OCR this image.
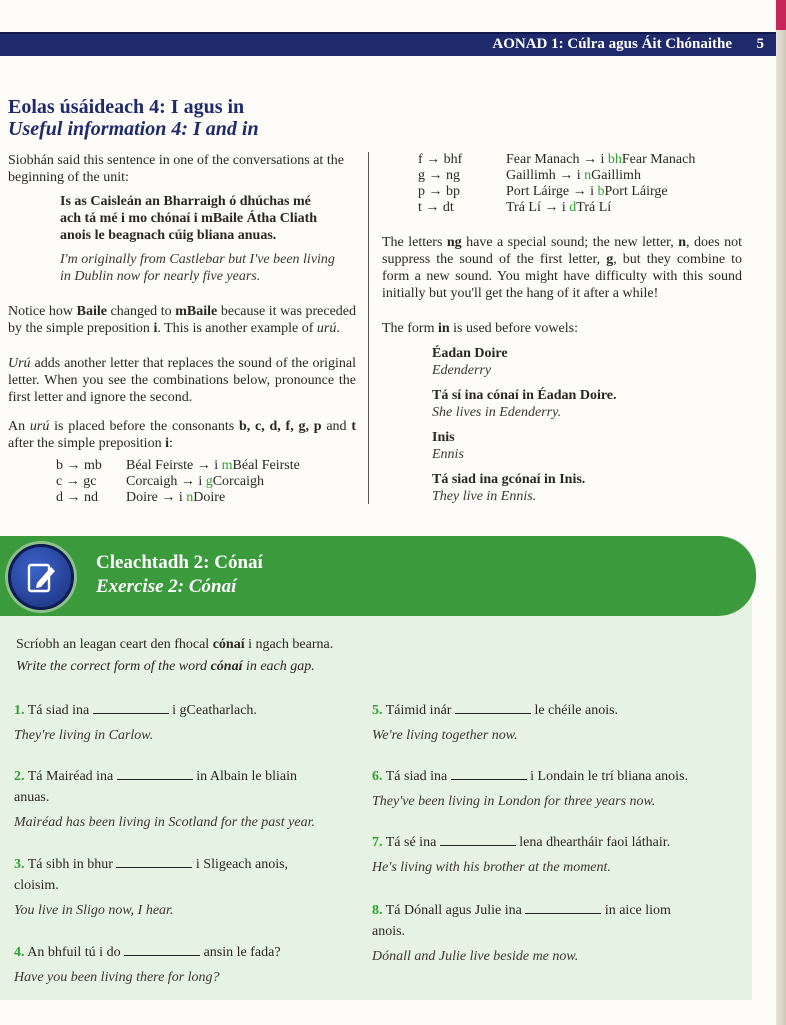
AONAD 1: Cúlra agus Áit Chónaithe 5
Eolas úsáideach 4: I agus in
Useful information 4: I and in

Siobhán said this sentence in one of the conversations at the beginning of the unit:

Is as Caisleán an Bharraigh ó dhúchas mé
ach tá mé i mo chónaí i mBaile Átha Cliath
anois le beagnach cúig bliana anuas.
I'm originally from Castlebar but I've been living
in Dublin now for nearly five years.

Notice how Baile changed to mBaile because it was preceded by the simple preposition i. This is another example of urú.

Urú adds another letter that replaces the sound of the original letter. When you see the combinations below, pronounce the first letter and ignore the second.

An urú is placed before the consonants b, c, d, f, g, p and t after the simple preposition i:

b → mb	Béal Feirste → i mBéal Feirste
c → gc	Corcaigh → i gCorcaigh
d → nd	Doire → i nDoire
f → bhf	Fear Manach → i bhFear Manach
g → ng	Gaillimh → i nGaillimh
p → bp	Port Láirge → i bPort Láirge
t → dt	Trá Lí → i dTrá Lí

The letters ng have a special sound; the new letter, n, does not suppress the sound of the first letter, g, but they combine to form a new sound. You might have difficulty with this sound initially but you'll get the hang of it after a while!

The form in is used before vowels:

Éadan Doire
Edenderry
Tá sí ina cónaí in Éadan Doire.
She lives in Edenderry.
Inis
Ennis
Tá siad ina gcónaí in Inis.
They live in Ennis.
Cleachtadh 2: Cónaí
Exercise 2: Cónaí
Scríobh an leagan ceart den fhocal cónaí i ngach bearna.
Write the correct form of the word cónaí in each gap.
1. Tá siad ina	i gCeatharlach.
They're living in Carlow.
2. Tá Mairéad ina	in Albain le bliain
anuas.
Mairéad has been living in Scotland for the past year.
3. Tá sibh in bhur	i Sligeach anois,
cloisim.
You live in Sligo now, I hear.
4. An bhfuil tú i do	ansin le fada?
Have you been living there for long?
5. Táimid inár	le chéile anois.
We're living together now.
6. Tá siad ina	i Londain le trí bliana anois.
They've been living in London for three years now.
7. Tá sé ina	lena dheartháir faoi láthair.
He's living with his brother at the moment.
8. Tá Dónall agus Julie ina	in aice liom
anois.
Dónall and Julie live beside me now.
